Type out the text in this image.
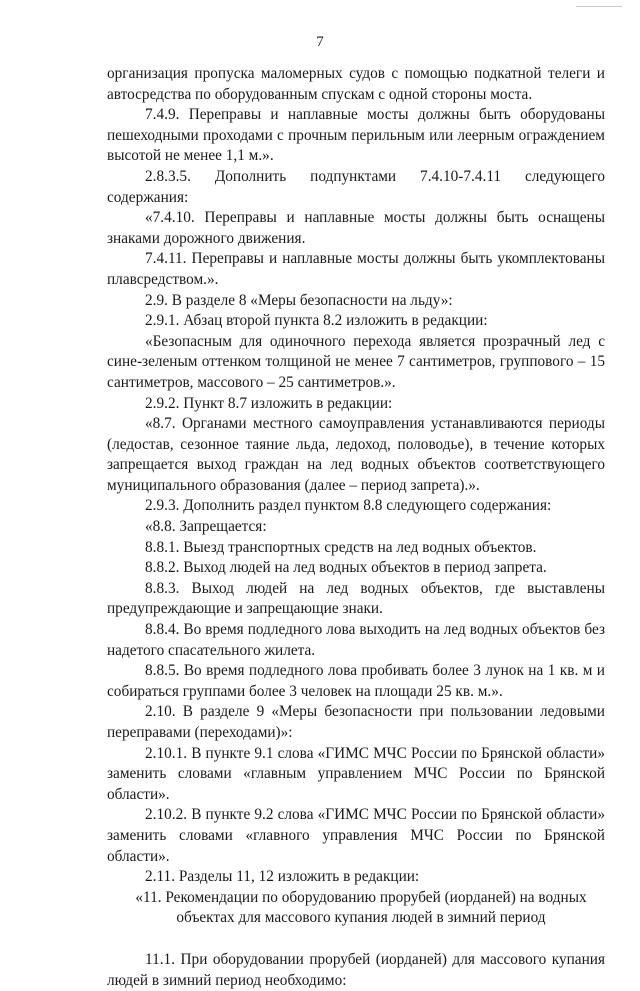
7

организация пропуска маломерных судов с помощью подкатной телеги и автосредства по оборудованным спускам с одной стороны моста.

7.4.9. Переправы и наплавные мосты должны быть оборудованы пешеходными проходами с прочным перильным или леерным ограждением высотой не менее 1,1 м.».

2.8.3.5. Дополнить подпунктами 7.4.10-7.4.11 следующего содержания:

«7.4.10. Переправы и наплавные мосты должны быть оснащены знаками дорожного движения.

7.4.11. Переправы и наплавные мосты должны быть укомплектованы плавсредством.».

2.9. В разделе 8 «Меры безопасности на льду»:

2.9.1. Абзац второй пункта 8.2 изложить в редакции:

«Безопасным для одиночного перехода является прозрачный лед с сине-зеленым оттенком толщиной не менее 7 сантиметров, группового – 15 сантиметров, массового – 25 сантиметров.».

2.9.2. Пункт 8.7 изложить в редакции:

«8.7. Органами местного самоуправления устанавливаются периоды (ледостав, сезонное таяние льда, ледоход, половодье), в течение которых запрещается выход граждан на лед водных объектов соответствующего муниципального образования (далее – период запрета).».

2.9.3. Дополнить раздел пунктом 8.8 следующего содержания:

«8.8. Запрещается:

8.8.1. Выезд транспортных средств на лед водных объектов.

8.8.2. Выход людей на лед водных объектов в период запрета.

8.8.3. Выход людей на лед водных объектов, где выставлены предупреждающие и запрещающие знаки.

8.8.4. Во время подледного лова выходить на лед водных объектов без надетого спасательного жилета.

8.8.5. Во время подледного лова пробивать более 3 лунок на 1 кв. м и собираться группами более 3 человек на площади 25 кв. м.».

2.10. В разделе 9 «Меры безопасности при пользовании ледовыми переправами (переходами)»:

2.10.1. В пункте 9.1 слова «ГИМС МЧС России по Брянской области» заменить словами «главным управлением МЧС России по Брянской области».

2.10.2. В пункте 9.2 слова «ГИМС МЧС России по Брянской области» заменить словами «главного управления МЧС России по Брянской области».

2.11. Разделы 11, 12 изложить в редакции:

«11. Рекомендации по оборудованию прорубей (иорданей) на водных объектах для массового купания людей в зимний период

11.1. При оборудовании прорубей (иорданей) для массового купания людей в зимний период необходимо:
